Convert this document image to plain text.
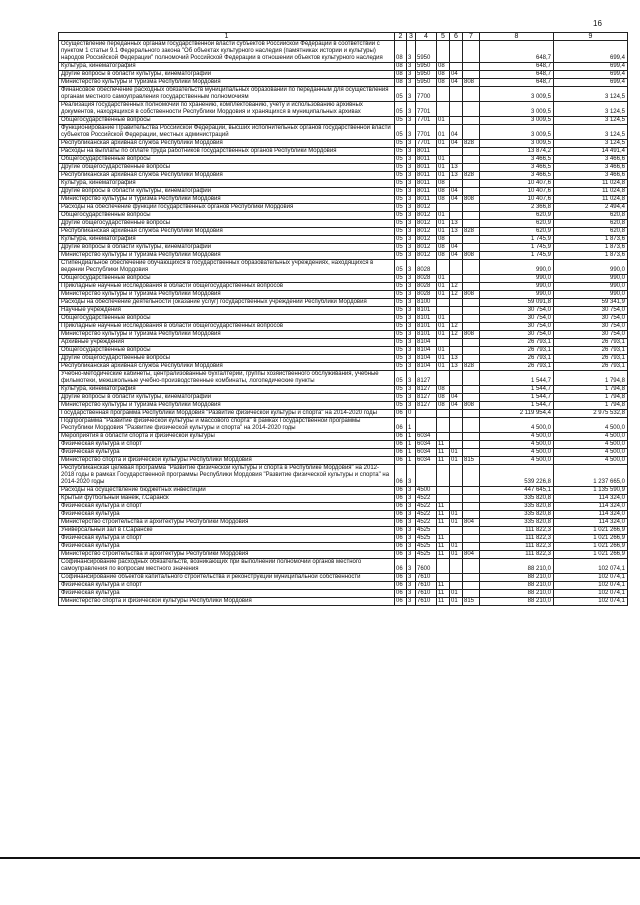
16
1	2	3	4	5	6	7	8	9
Осуществление переданных органам государственной власти субъектов Российской Федерации в соответствии с пунктом 1 статьи 9.1 Федерального закона "Об объектах культурного наследия (памятниках истории и культуры) народов Российской Федерации" полномочий Российской Федерации в отношении объектов культурного наследия	08	3	5950				648,7	699,4
Культура, кинематография	08	3	5950	08			648,7	699,4
Другие вопросы в области культуры, кинематографии	08	3	5950	08	04		648,7	699,4
Министерство культуры и туризма Республики Мордовия	08	3	5950	08	04	808	648,7	699,4
Финансовое обеспечение расходных обязательств муниципальных образований по переданным для осуществления органам местного самоуправления государственным полномочиям	05	3	7700				3 009,5	3 124,5
Реализация государственных полномочий по хранению, комплектованию, учету и использованию архивных документов, находящихся в собственности Республики Мордовия и хранящихся в муниципальных архивах	05	3	7701				3 009,5	3 124,5
Общегосударственные вопросы	05	3	7701	01			3 009,5	3 124,5
Функционирование Правительства Российской Федерации, высших исполнительных органов государственной власти субъектов Российской Федерации, местных администраций	05	3	7701	01	04		3 009,5	3 124,5
Республиканская архивная служба Республики Мордовия	05	3	7701	01	04	828	3 009,5	3 124,5
Расходы на выплаты по оплате труда работников государственных органов Республики Мордовия	05	3	8011				13 874,2	14 491,4
Общегосударственные вопросы	05	3	8011	01			3 466,5	3 466,6
Другие общегосударственные вопросы	05	3	8011	01	13		3 466,5	3 466,6
Республиканская архивная служба Республики Мордовия	05	3	8011	01	13	828	3 466,5	3 466,6
Культура, кинематография	05	3	8011	08			10 407,6	11 024,8
Другие вопросы в области культуры, кинематографии	05	3	8011	08	04		10 407,6	11 024,8
Министерство культуры и туризма Республики Мордовия	05	3	8011	08	04	808	10 407,6	11 024,8
Расходы на обеспечение функций государственных органов Республики Мордовия	05	3	8012				2 366,8	2 494,4
Общегосударственные вопросы	05	3	8012	01			620,9	620,8
Другие общегосударственные вопросы	05	3	8012	01	13		620,9	620,8
Республиканская архивная служба Республики Мордовия	05	3	8012	01	13	828	620,9	620,8
Культура, кинематография	05	3	8012	08			1 745,9	1 873,6
Другие вопросы в области культуры, кинематографии	05	3	8012	08	04		1 745,9	1 873,6
Министерство культуры и туризма Республики Мордовия	05	3	8012	08	04	808	1 745,9	1 873,6
Стипендиальное обеспечение обучающихся в государственных образовательных учреждениях, находящихся в ведении Республики Мордовия	05	3	8028				990,0	990,0
Общегосударственные вопросы	05	3	8028	01			990,0	990,0
Прикладные научные исследования в области общегосударственных вопросов	05	3	8028	01	12		990,0	990,0
Министерство культуры и туризма Республики Мордовия	05	3	8028	01	12	808	990,0	990,0
Расходы на обеспечение деятельности (оказание услуг) государственных учреждений Республики Мордовия	05	3	8100				59 091,8	59 341,9
Научные учреждения	05	3	8101				30 754,0	30 754,0
Общегосударственные вопросы	05	3	8101	01			30 754,0	30 754,0
Прикладные научные исследования в области общегосударственных вопросов	05	3	8101	01	12		30 754,0	30 754,0
Министерство культуры и туризма Республики Мордовия	05	3	8101	01	12	808	30 754,0	30 754,0
Архивные учреждения	05	3	8104				26 793,1	26 793,1
Общегосударственные вопросы	05	3	8104	01			26 793,1	26 793,1
Другие общегосударственные вопросы	05	3	8104	01	13		26 793,1	26 793,1
Республиканская архивная служба Республики Мордовия	05	3	8104	01	13	828	26 793,1	26 793,1
Учебно-методические кабинеты, централизованные бухгалтерии, группы хозяйственного обслуживания, учебные фильмотеки, межшкольные учебно-производственные комбинаты, логопедические пункты	05	3	8127				1 544,7	1 794,8
Культура, кинематография	05	3	8127	08			1 544,7	1 794,8
Другие вопросы в области культуры, кинематографии	05	3	8127	08	04		1 544,7	1 794,8
Министерство культуры и туризма Республики Мордовия	05	3	8127	08	04	808	1 544,7	1 794,8
Государственная программа Республики Мордовия "Развитие физической культуры и спорта" на 2014-2020 годы	06	0					2 119 954,4	2 975 532,8
Подпрограмма "Развитие физической культуры и массового спорта" в рамках Государственной программы Республики Мордовия "Развитие физической культуры и спорта" на 2014-2020 годы	06	1					4 500,0	4 500,0
Мероприятия в области спорта и физической культуры	06	1	6034				4 500,0	4 500,0
Физическая культура и спорт	06	1	6034	11			4 500,0	4 500,0
Физическая культура	06	1	6034	11	01		4 500,0	4 500,0
Министерство спорта и физической культуры Республики Мордовия	06	1	6034	11	01	815	4 500,0	4 500,0
Республиканская целевая программа "Развитие физической культуры и спорта в Республике Мордовия" на 2012-2018 годы в рамках Государственной программы Республики Мордовия "Развитие физической культуры и спорта" на 2014-2020 годы	06	3					539 226,8	1 237 665,0
Расходы на осуществление бюджетных инвестиций	06	3	4500				447 645,1	1 135 590,9
Крытый футбольный манеж, г.Саранск	06	3	4522				335 820,8	114 324,0
Физическая культура и спорт	06	3	4522	11			335 820,8	114 324,0
Физическая культура	06	3	4522	11	01		335 820,8	114 324,0
Министерство строительства и архитектуры Республики Мордовия	06	3	4522	11	01	804	335 820,8	114 324,0
Универсальный зал в г.Саранске	06	3	4525				111 822,3	1 021 266,9
Физическая культура и спорт	06	3	4525	11			111 822,3	1 021 266,9
Физическая культура	06	3	4525	11	01		111 822,3	1 021 266,9
Министерство строительства и архитектуры Республики Мордовия	06	3	4525	11	01	804	111 822,3	1 021 266,9
Софинансирование расходных обязательств, возникающих при выполнении полномочий органов местного самоуправления по вопросам местного значения	06	3	7600				88 210,0	102 074,1
Софинансирование объектов капитального строительства и реконструкции муниципальной собственности	06	3	7610				88 210,0	102 074,1
Физическая культура и спорт	06	3	7610	11			88 210,0	102 074,1
Физическая культура	06	3	7610	11	01		88 210,0	102 074,1
Министерство спорта и физической культуры Республики Мордовия	06	3	7610	11	01	815	88 210,0	102 074,1
